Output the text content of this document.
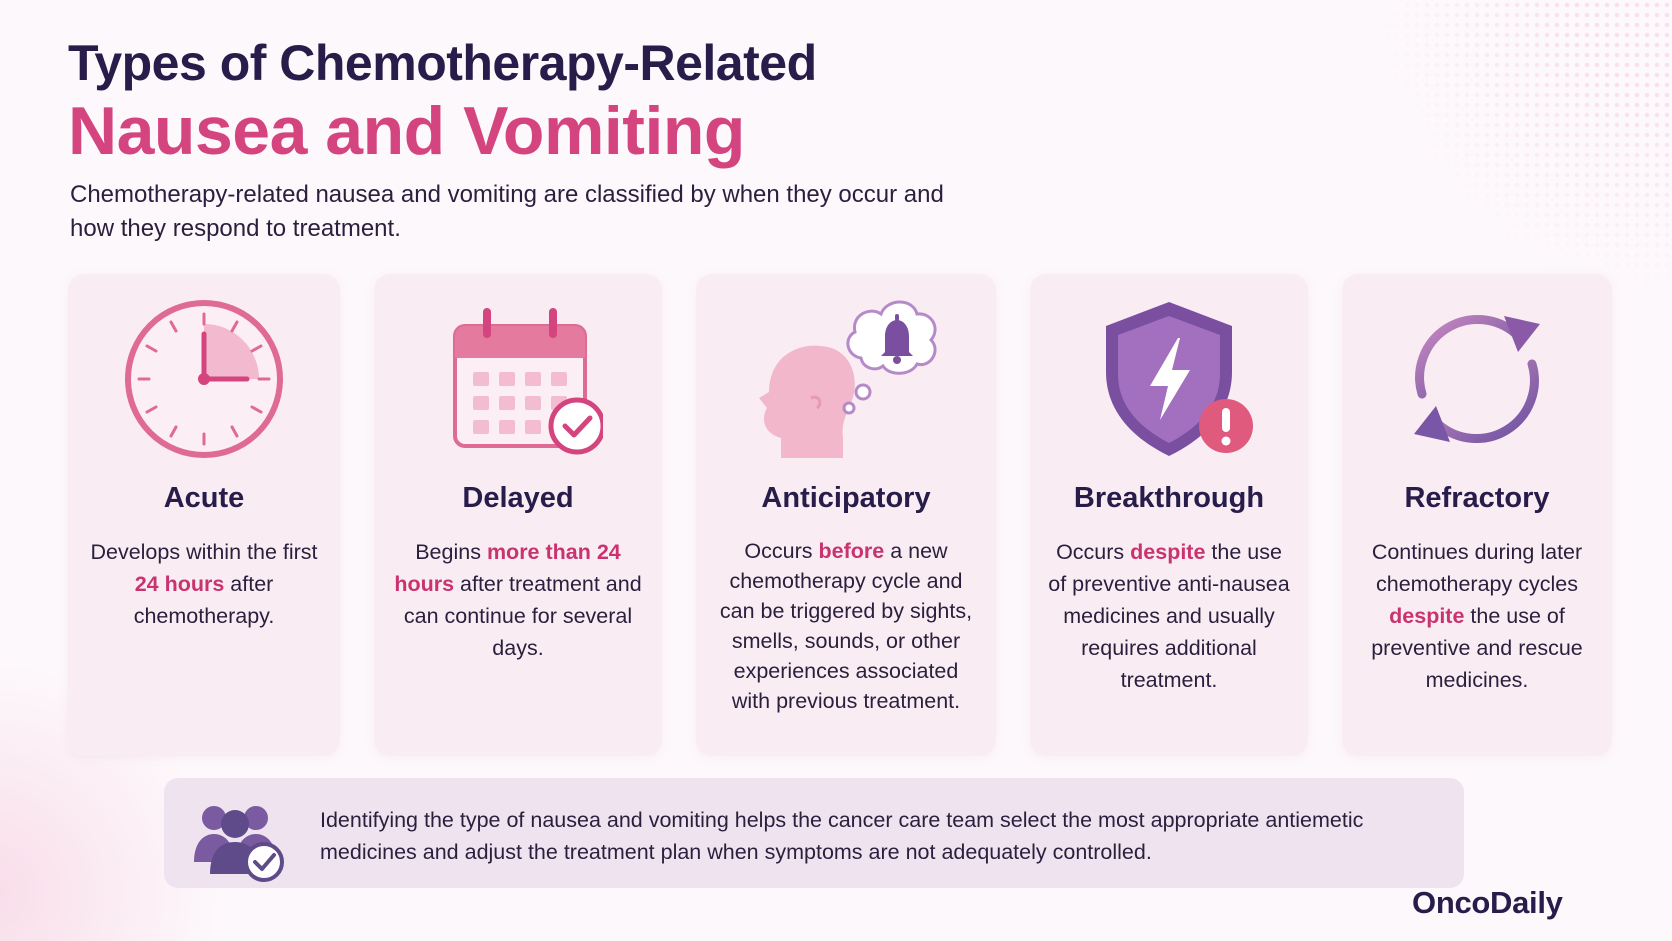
Types of Chemotherapy-Related
Nausea and Vomiting

Chemotherapy-related nausea and vomiting are classified by when they occur and how they respond to treatment.

Acute

Develops within the first 24 hours after chemotherapy.

Delayed

Begins more than 24 hours after treatment and can continue for several days.

Anticipatory

Occurs before a new chemotherapy cycle and can be triggered by sights, smells, sounds, or other experiences associated with previous treatment.

Breakthrough

Occurs despite the use of preventive anti-nausea medicines and usually requires additional treatment.

Refractory

Continues during later chemotherapy cycles despite the use of preventive and rescue medicines.

Identifying the type of nausea and vomiting helps the cancer care team select the most appropriate antiemetic medicines and adjust the treatment plan when symptoms are not adequately controlled.

OncoDaily
